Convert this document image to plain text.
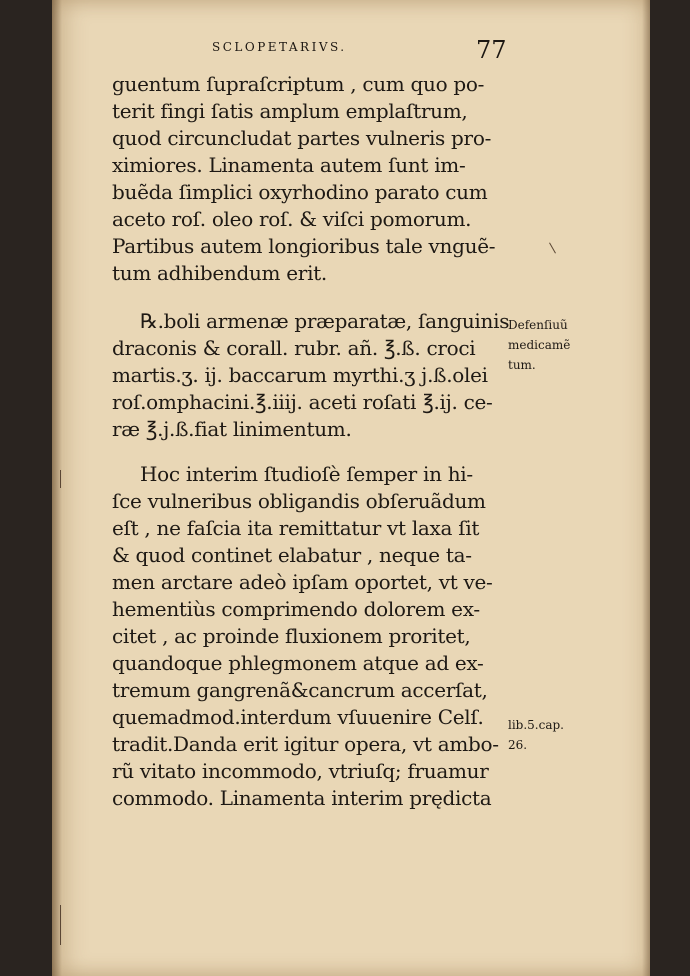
SCLOPETARIVS.	77
guentum ſupraſcriptum , cum quo po-
terit fingi ſatis amplum emplaſtrum,
quod circuncludat partes vulneris pro-
ximiores. Linamenta autem ſunt im-
buẽda ſimplici oxyrhodino parato cum
aceto roſ. oleo roſ. & viſci pomorum.
Partibus autem longioribus tale vnguẽ-
tum adhibendum erit.
℞.boli armenæ præparatæ, ſanguinis
draconis & corall. rubr. añ. ℥.ß. croci
martis.ʒ. ij. baccarum myrthi.ʒ j.ß.olei
roſ.omphacini.℥.iiij. aceti roſati ℥.ij. ce-
ræ ℥.j.ß.fiat linimentum.
Hoc interim ſtudioſè ſemper in hi-
ſce vulneribus obligandis obſeruãdum
eſt , ne faſcia ita remittatur vt laxa ſit
& quod continet elabatur , neque ta-
men arctare adeò ipſam oportet, vt ve-
hementiùs comprimendo dolorem ex-
citet , ac proinde fluxionem proritet,
quandoque phlegmonem atque ad ex-
tremum gangrenã&cancrum accerſat,
quemadmod.interdum vſuuenire Celſ.
tradit.Danda erit igitur opera, vt ambo-
rũ vitato incommodo, vtriuſq; fruamur
commodo. Linamenta interim prędicta
Defenſiuũ
medicamẽ
tum.
lib.5.cap.
26.
